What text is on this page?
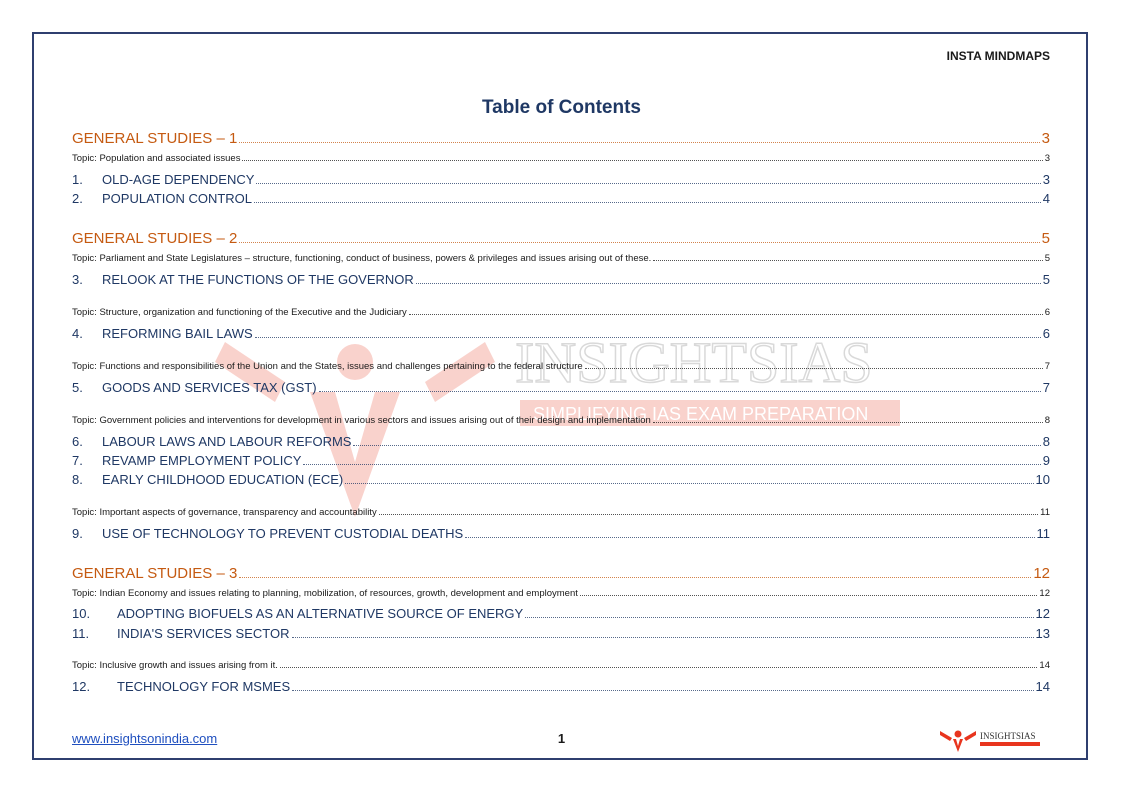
INSTA MINDMAPS
INSIGHTSIAS
SIMPLIFYING IAS EXAM PREPARATION
Table of Contents
GENERAL STUDIES – 1	3
Topic: Population and associated issues	3
1.	OLD-AGE DEPENDENCY	3
2.	POPULATION CONTROL	4
GENERAL STUDIES – 2	5
Topic: Parliament and State Legislatures – structure, functioning, conduct of business, powers & privileges and issues arising out of these.	5
3.	RELOOK AT THE FUNCTIONS OF THE GOVERNOR	5
Topic: Structure, organization and functioning of the Executive and the Judiciary	6
4.	REFORMING BAIL LAWS	6
Topic: Functions and responsibilities of the Union and the States, issues and challenges pertaining to the federal structure	7
5.	GOODS AND SERVICES TAX (GST)	7
Topic: Government policies and interventions for development in various sectors and issues arising out of their design and implementation	8
6.	LABOUR LAWS AND LABOUR REFORMS	8
7.	REVAMP EMPLOYMENT POLICY	9
8.	EARLY CHILDHOOD EDUCATION (ECE)	10
Topic: Important aspects of governance, transparency and accountability	11
9.	USE OF TECHNOLOGY TO PREVENT CUSTODIAL DEATHS	11
GENERAL STUDIES – 3	12
Topic: Indian Economy and issues relating to planning, mobilization, of resources, growth, development and employment	12
10.	ADOPTING BIOFUELS AS AN ALTERNATIVE SOURCE OF ENERGY	12
11.	INDIA'S SERVICES SECTOR	13
Topic: Inclusive growth and issues arising from it.	14
12.	TECHNOLOGY FOR MSMES	14
www.insightsonindia.com	1	INSIGHTSIAS
